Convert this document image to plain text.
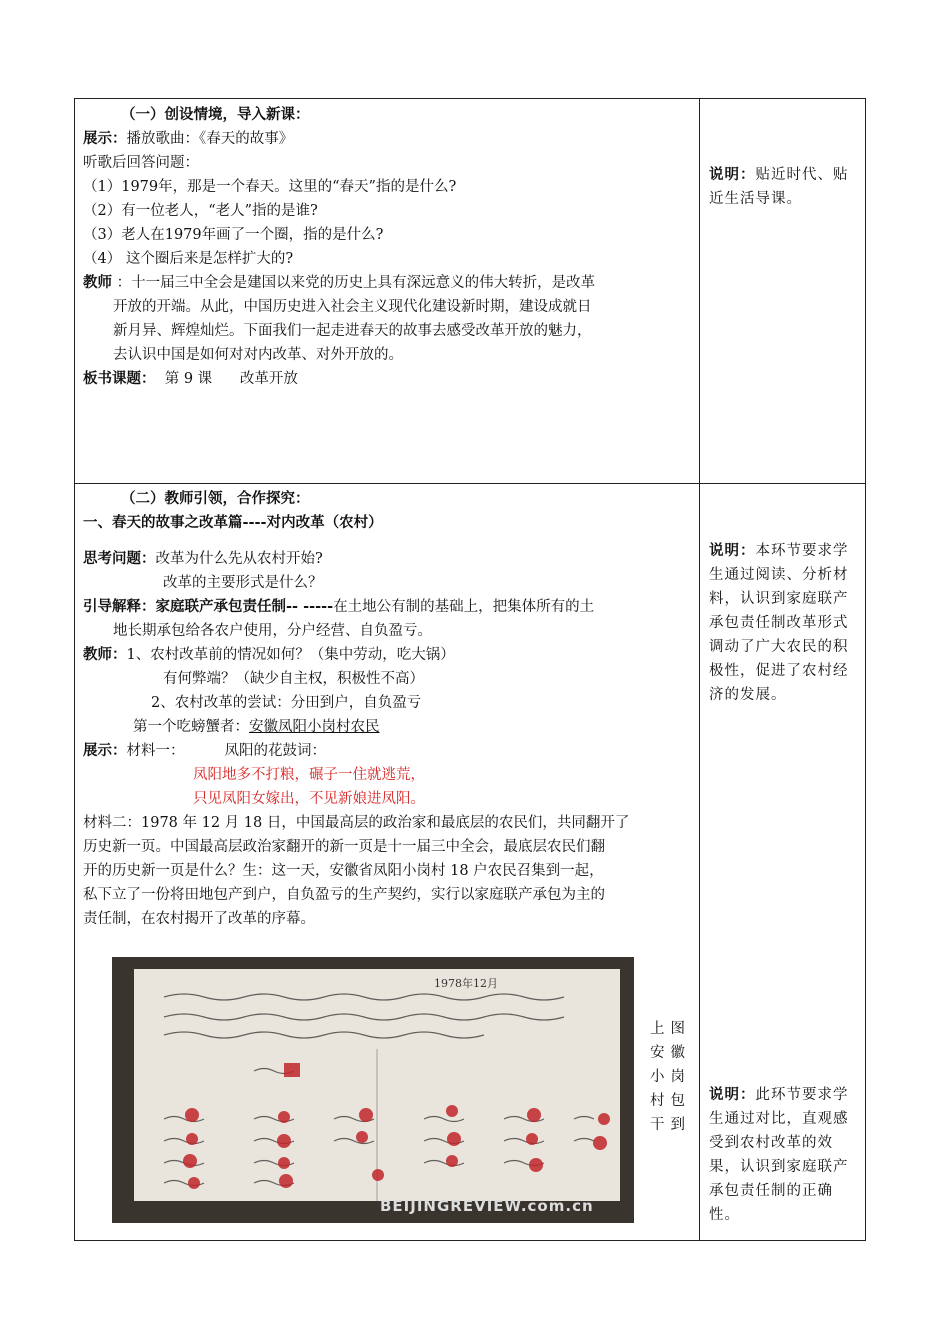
（一）创设情境，导入新课：

展示：播放歌曲：《春天的故事》

听歌后回答问题：

（1）1979年，那是一个春天。这里的“春天”指的是什么?

（2）有一位老人，“老人”指的是谁?

（3）老人在1979年画了一个圈，指的是什么?

（4） 这个圈后来是怎样扩大的?

教师 ：十一届三中全会是建国以来党的历史上具有深远意义的伟大转折，是改革

开放的开端。从此，中国历史进入社会主义现代化建设新时期，建设成就日

新月异、辉煌灿烂。下面我们一起走进春天的故事去感受改革开放的魅力，

去认识中国是如何对对内改革、对外开放的。

板书课题：  第 9 课      改革开放

说明：贴近时代、贴近生活导课。

（二）教师引领，合作探究：

一、春天的故事之改革篇----对内改革（农村）

思考问题：改革为什么先从农村开始?

改革的主要形式是什么？

引导解释：家庭联产承包责任制-- -----在土地公有制的基础上，把集体所有的土

地长期承包给各农户使用，分户经营、自负盈亏。

教师：1、农村改革前的情况如何？（集中劳动，吃大锅）

有何弊端？（缺少自主权，积极性不高）

2、农村改革的尝试：分田到户，自负盈亏

第一个吃螃蟹者：安徽凤阳小岗村农民

展示：材料一：	凤阳的花鼓词：

凤阳地多不打粮，碾子一住就逃荒，

只见凤阳女嫁出，不见新娘进凤阳。

材料二：1978 年 12 月 18 日，中国最高层的政治家和最底层的农民们，共同翻开了

历史新一页。中国最高层政治家翻开的新一页是十一届三中全会，最底层农民们翻

开的历史新一页是什么？生：这一天，安徽省凤阳小岗村 18 户农民召集到一起，

私下立了一份将田地包产到户，自负盈亏的生产契约，实行以家庭联产承包为主的

责任制，在农村揭开了改革的序幕。

1978年12月
BEIJINGREVIEW.com.cn
上图安徽小岗村包干到
说明：本环节要求学生通过阅读、分析材料，认识到家庭联产承包责任制改革形式调动了广大农民的积极性，促进了农村经济的发展。
说明：此环节要求学生通过对比，直观感受到农村改革的效果，认识到家庭联产承包责任制的正确性。
